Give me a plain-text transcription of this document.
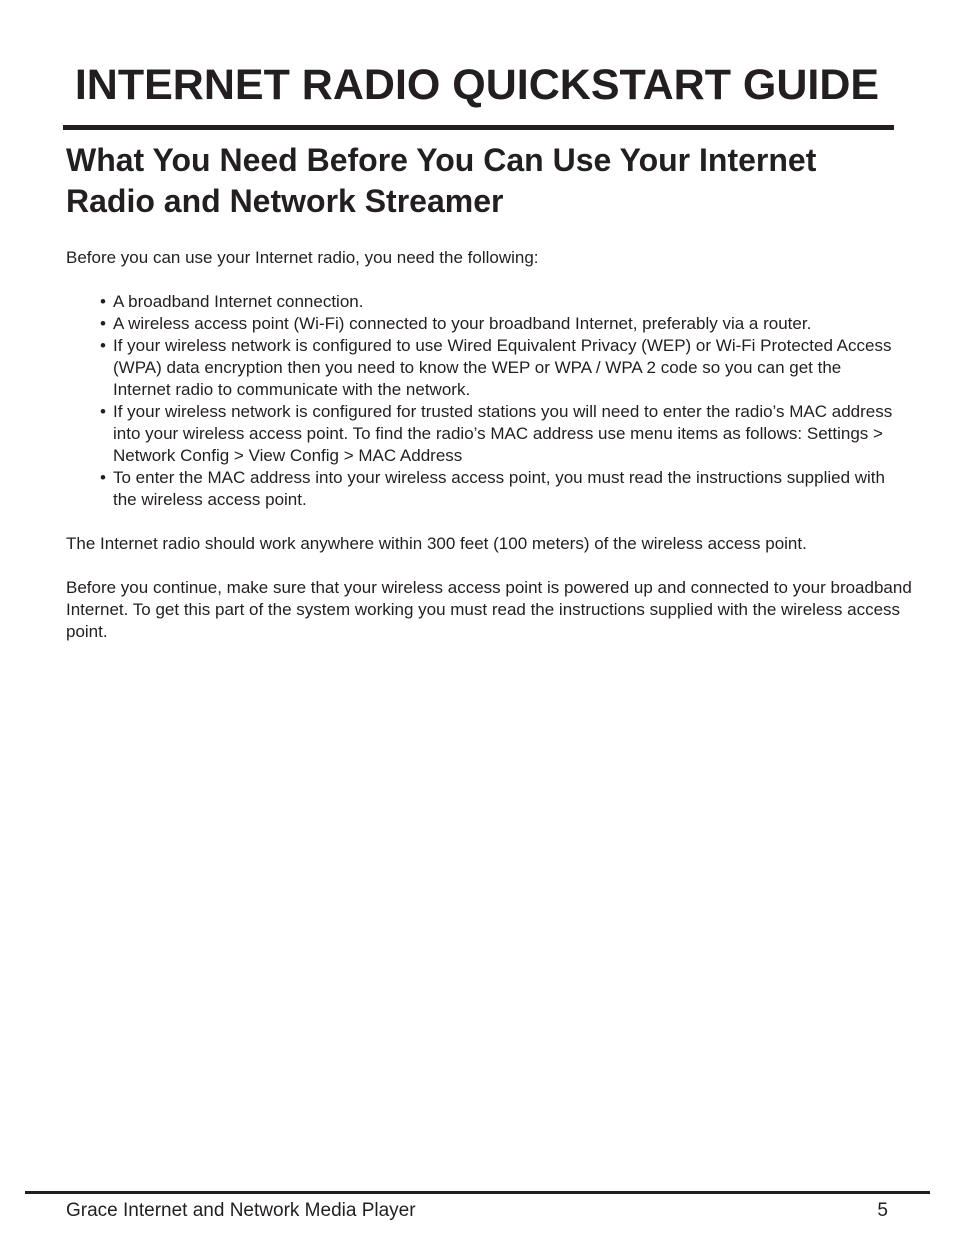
INTERNET RADIO QUICKSTART GUIDE
What You Need Before You Can Use Your Internet Radio and Network Streamer

Before you can use your Internet radio, you need the following:

• A broadband Internet connection.
• A wireless access point (Wi-Fi) connected to your broadband Internet, preferably via a router.
• If your wireless network is configured to use Wired Equivalent Privacy (WEP) or Wi-Fi Protected Access (WPA) data encryption then you need to know the WEP or WPA / WPA 2 code so you can get the Internet radio to communicate with the network.
• If your wireless network is configured for trusted stations you will need to enter the radio’s MAC address into your wireless access point. To find the radio’s MAC address use menu items as follows: Settings > Network Config > View Config > MAC Address
• To enter the MAC address into your wireless access point, you must read the instructions supplied with the wireless access point.

The Internet radio should work anywhere within 300 feet (100 meters) of the wireless access point.

Before you continue, make sure that your wireless access point is powered up and connected to your broadband Internet. To get this part of the system working you must read the instructions supplied with the wireless access point.

Grace Internet and Network Media Player	5
